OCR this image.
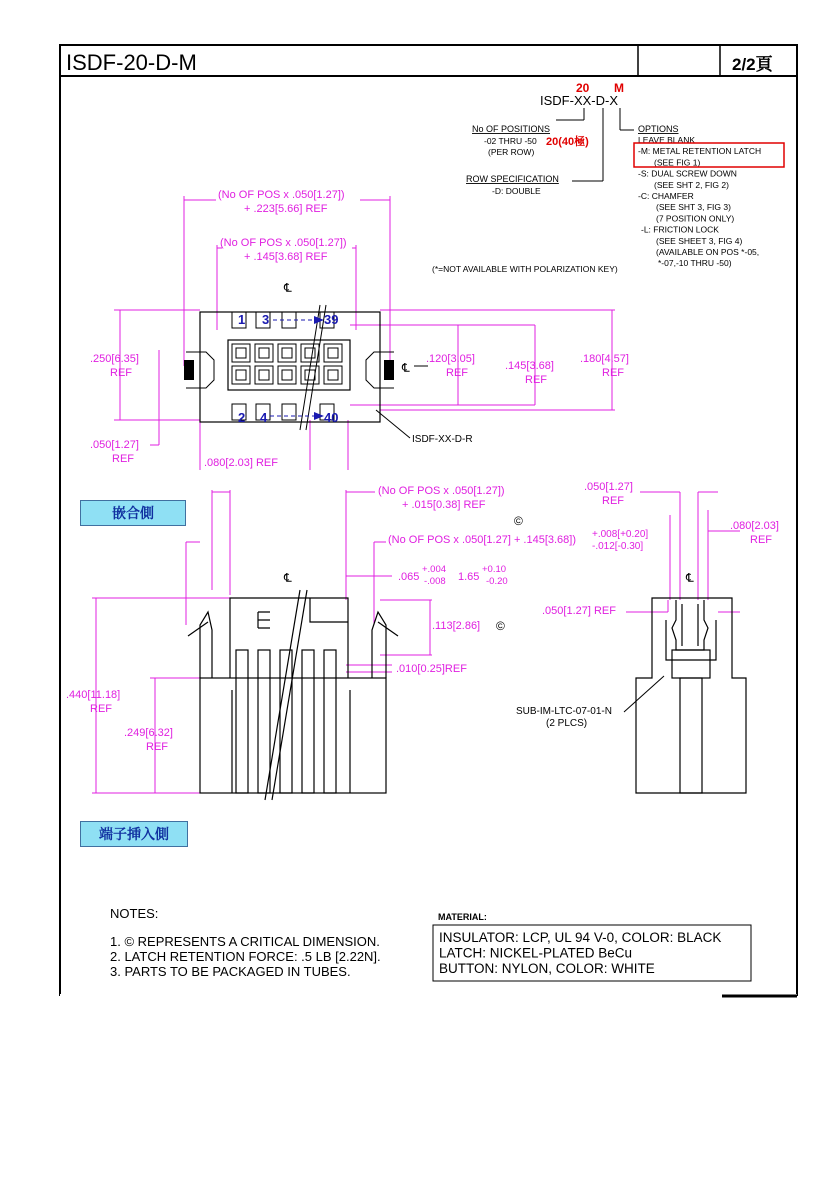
ISDF-20-D-M	2/2頁
20 M
ISDF-XX-D-X
No OF POSITIONS
-02 THRU -50 20(40極)
(PER ROW)
ROW SPECIFICATION
-D: DOUBLE
OPTIONS
LEAVE BLANK
-M: METAL RETENTION LATCH
(SEE FIG 1)
-S: DUAL SCREW DOWN
(SEE SHT 2, FIG 2)
-C: CHAMFER
(SEE SHT 3, FIG 3)
(7 POSITION ONLY)
-L: FRICTION LOCK
(SEE SHEET 3, FIG 4)
(AVAILABLE ON POS *-05,
*-07,-10 THRU -50)
(*=NOT AVAILABLE WITH POLARIZATION KEY)
℄
℄
1 3	39
2 4	40
(No OF POS x .050[1.27])
+ .223[5.66] REF
(No OF POS x .050[1.27])
+ .145[3.68] REF
.250[6.35]
REF
.120[3.05]
REF
.145[3.68]
REF
.180[4.57]
REF
.050[1.27]
REF	.080[2.03] REF
ISDF-XX-D-R
℄
(No OF POS x .050[1.27])
+ .015[0.38] REF
©
(No OF POS x .050[1.27] + .145[3.68]) +.008[+0.20]
-.012[-0.30]
.065
+.004
-.008 1.65
+0.10
-0.20
.113[2.86] ©
.010[0.25]REF
.440[11.18]
REF
.249[6.32]
REF
℄
.050[1.27]
REF
.080[2.03]
REF
.050[1.27] REF
SUB-IM-LTC-07-01-N
(2 PLCS)
NOTES:
1. © REPRESENTS A CRITICAL DIMENSION.
2. LATCH RETENTION FORCE: .5 LB [2.22N].
3. PARTS TO BE PACKAGED IN TUBES.
MATERIAL:
INSULATOR: LCP, UL 94 V-0, COLOR: BLACK
LATCH: NICKEL-PLATED BeCu
BUTTON: NYLON, COLOR: WHITE
嵌合側
端子挿入側
